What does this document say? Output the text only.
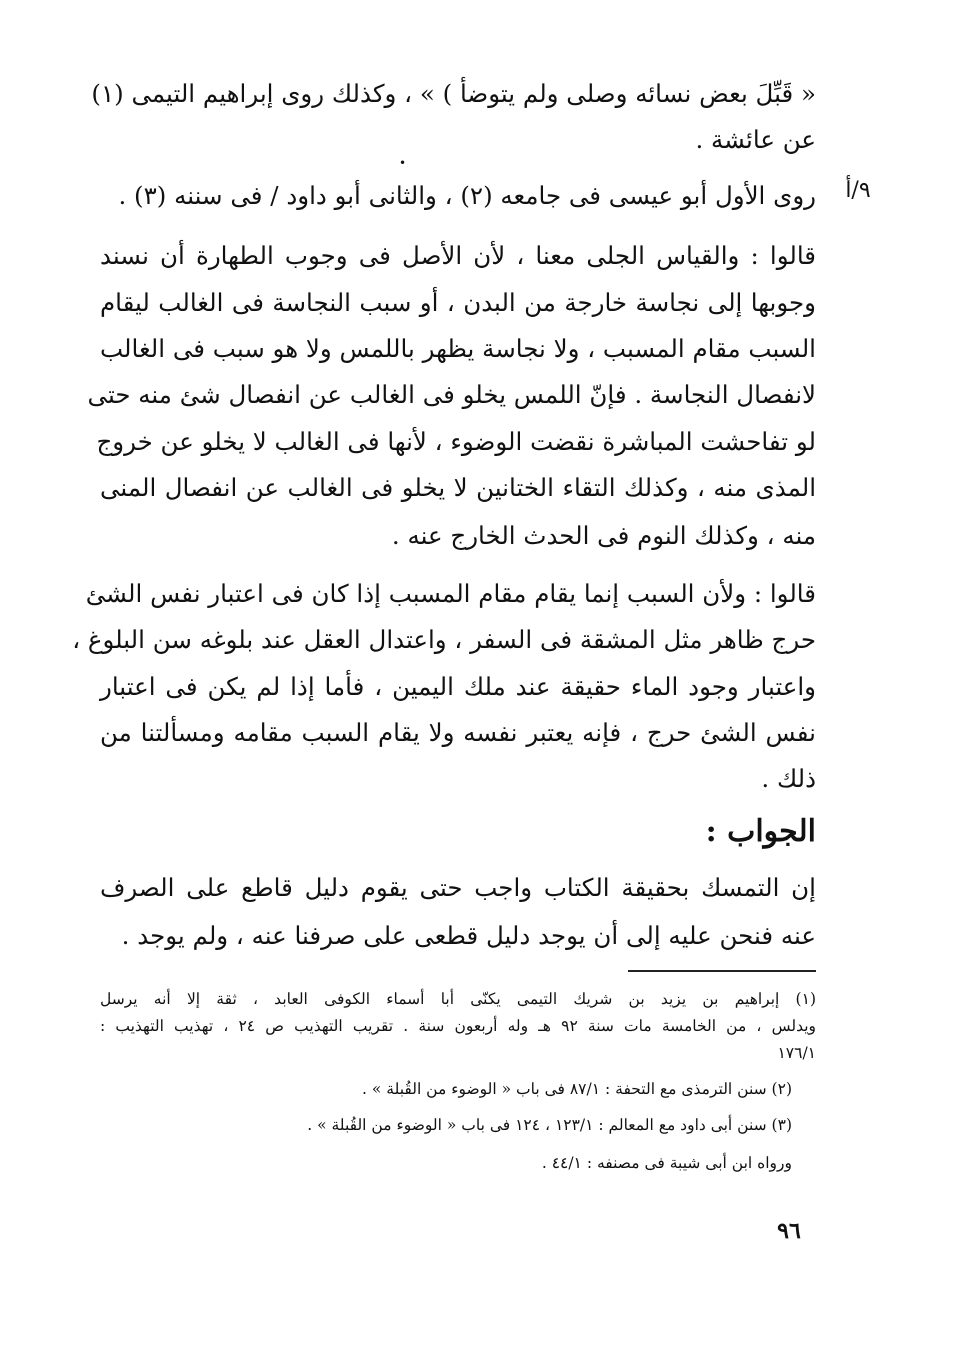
•
٩/أ
« قَبِّلَ بعض نسائه وصلى ولم يتوضأ ) » ، وكذلك روى إبراهيم التيمى (١)
عن عائشة .
روى الأول أبو عيسى فى جامعه (٢) ، والثانى أبو داود / فى سننه (٣) .
قالوا : والقياس الجلى معنا ، لأن الأصل فى وجوب الطهارة أن نسند
وجوبها إلى نجاسة خارجة من البدن ، أو سبب النجاسة فى الغالب ليقام
السبب مقام المسبب ، ولا نجاسة يظهر باللمس ولا هو سبب فى الغالب
لانفصال النجاسة . فإنّ اللمس يخلو فى الغالب عن انفصال شئ منه حتى
لو تفاحشت المباشرة نقضت الوضوء ، لأنها فى الغالب لا يخلو عن خروج
المذى منه ، وكذلك التقاء الختانين لا يخلو فى الغالب عن انفصال المنى
منه ، وكذلك النوم فى الحدث الخارج عنه .
قالوا : ولأن السبب إنما يقام مقام المسبب إذا كان فى اعتبار نفس الشئ
حرج ظاهر مثل المشقة فى السفر ، واعتدال العقل عند بلوغه سن البلوغ ،
واعتبار وجود الماء حقيقة عند ملك اليمين ، فأما إذا لم يكن فى اعتبار
نفس الشئ حرج ، فإنه يعتبر نفسه ولا يقام السبب مقامه ومسألتنا من
ذلك .
الجواب :
إن التمسك بحقيقة الكتاب واجب حتى يقوم دليل قاطع على الصرف
عنه فنحن عليه إلى أن يوجد دليل قطعى على صرفنا عنه ، ولم يوجد .
(١) إبراهيم بن يزيد بن شريك التيمى يكنّى أبا أسماء الكوفى العابد ، ثقة إلا أنه يرسل
ويدلس ، من الخامسة مات سنة ٩٢ هـ وله أربعون سنة . تقريب التهذيب ص ٢٤ ، تهذيب التهذيب :
١٧٦/١
(٢) سنن الترمذى مع التحفة : ٨٧/١ فى باب « الوضوء من القُبلة » .
(٣) سنن أبى داود مع المعالم : ١٢٣/١ ، ١٢٤ فى باب « الوضوء من القُبلة » .
ورواه ابن أبى شيبة فى مصنفه : ٤٤/١ .
٩٦
